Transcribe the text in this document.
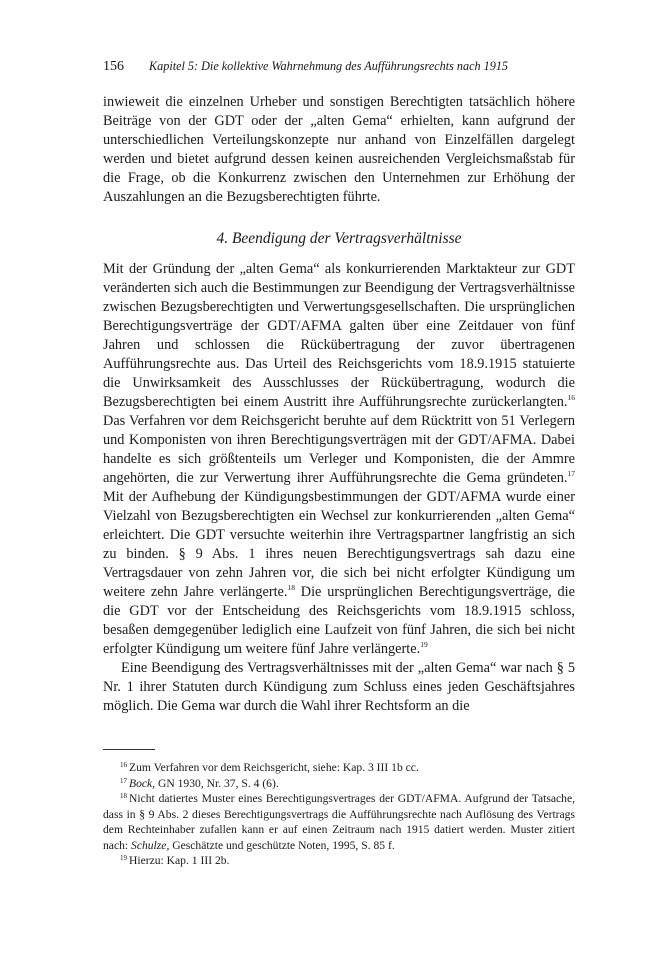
156 Kapitel 5: Die kollektive Wahrnehmung des Aufführungsrechts nach 1915

inwieweit die einzelnen Urheber und sonstigen Berechtigten tatsächlich höhere Beiträge von der GDT oder der „alten Gema“ erhielten, kann aufgrund der unterschiedlichen Verteilungskonzepte nur anhand von Einzelfällen dargelegt werden und bietet aufgrund dessen keinen ausreichenden Vergleichsmaßstab für die Frage, ob die Konkurrenz zwischen den Unternehmen zur Erhöhung der Auszahlungen an die Bezugsberechtigten führte.

4. Beendigung der Vertragsverhältnisse

Mit der Gründung der „alten Gema“ als konkurrierenden Marktakteur zur GDT veränderten sich auch die Bestimmungen zur Beendigung der Vertragsverhältnisse zwischen Bezugsberechtigten und Verwertungsgesellschaften. Die ursprünglichen Berechtigungsverträge der GDT/AFMA galten über eine Zeitdauer von fünf Jahren und schlossen die Rückübertragung der zuvor übertragenen Aufführungsrechte aus. Das Urteil des Reichsgerichts vom 18.9.1915 statuierte die Unwirksamkeit des Ausschlusses der Rückübertragung, wodurch die Bezugsberechtigten bei einem Austritt ihre Aufführungsrechte zurückerlangten.$^{16}$ Das Verfahren vor dem Reichsgericht beruhte auf dem Rücktritt von 51 Verlegern und Komponisten von ihren Berechtigungsverträgen mit der GDT/AFMA. Dabei handelte es sich größtenteils um Verleger und Komponisten, die der Ammre angehörten, die zur Verwertung ihrer Aufführungsrechte die Gema gründeten.$^{17}$ Mit der Aufhebung der Kündigungsbestimmungen der GDT/AFMA wurde einer Vielzahl von Bezugsberechtigten ein Wechsel zur konkurrierenden „alten Gema“ erleichtert. Die GDT versuchte weiterhin ihre Vertragspartner langfristig an sich zu binden. § 9 Abs. 1 ihres neuen Berechtigungsvertrags sah dazu eine Vertragsdauer von zehn Jahren vor, die sich bei nicht erfolgter Kündigung um weitere zehn Jahre verlängerte.$^{18}$ Die ursprünglichen Berechtigungsverträge, die die GDT vor der Entscheidung des Reichsgerichts vom 18.9.1915 schloss, besaßen demgegenüber lediglich eine Laufzeit von fünf Jahren, die sich bei nicht erfolgter Kündigung um weitere fünf Jahre verlängerte.$^{19}$

Eine Beendigung des Vertragsverhältnisses mit der „alten Gema“ war nach § 5 Nr. 1 ihrer Statuten durch Kündigung zum Schluss eines jeden Geschäftsjahres möglich. Die Gema war durch die Wahl ihrer Rechtsform an die

$^{16}$ Zum Verfahren vor dem Reichsgericht, siehe: Kap. 3 III 1b cc.

$^{17}$ Bock, GN 1930, Nr. 37, S. 4 (6).

$^{18}$ Nicht datiertes Muster eines Berechtigungsvertrages der GDT/AFMA. Aufgrund der Tatsache, dass in § 9 Abs. 2 dieses Berechtigungsvertrags die Aufführungsrechte nach Auflösung des Vertrags dem Rechteinhaber zufallen kann er auf einen Zeitraum nach 1915 datiert werden. Muster zitiert nach: Schulze, Geschätzte und geschützte Noten, 1995, S. 85 f.

$^{19}$ Hierzu: Kap. 1 III 2b.
